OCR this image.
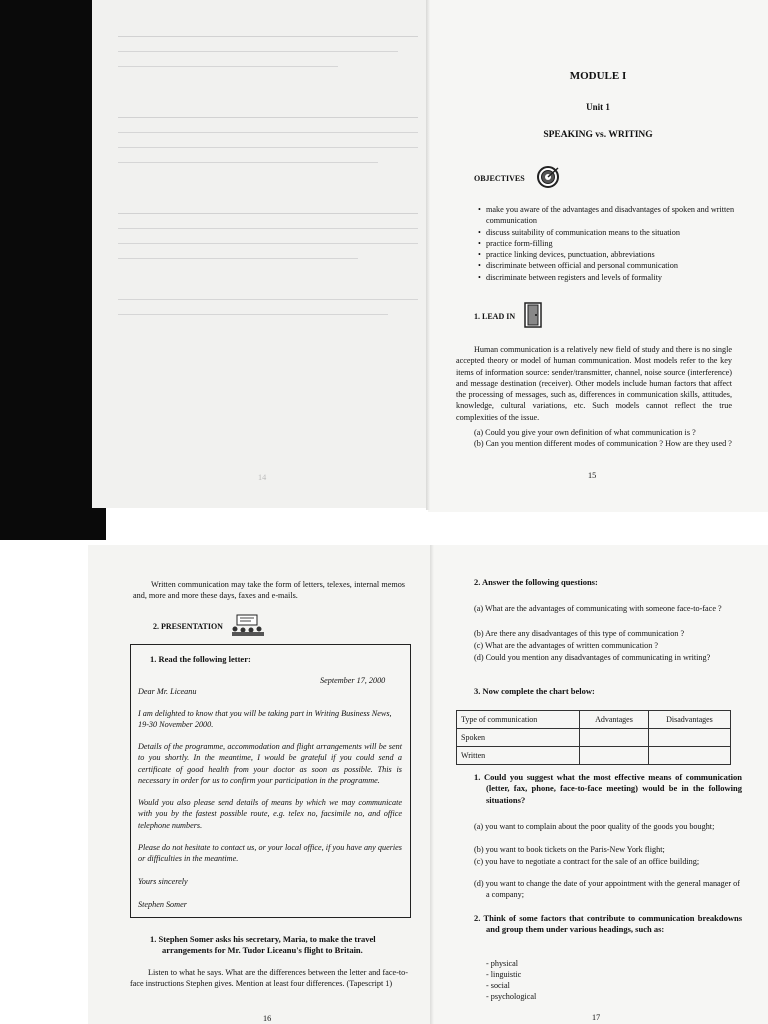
14
MODULE I
Unit 1
SPEAKING vs. WRITING
OBJECTIVES
• make you aware of the advantages and disadvantages of spoken and written communication
• discuss suitability of communication means to the situation
• practice form-filling
• practice linking devices, punctuation, abbreviations
• discriminate between official and personal communication
• discriminate between registers and levels of formality
1. LEAD IN
Human communication is a relatively new field of study and there is no single accepted theory or model of human communication. Most models refer to the key items of information source: sender/transmitter, channel, noise source (interference) and message destination (receiver). Other models include human factors that affect the processing of messages, such as, differences in communication skills, attitudes, knowledge, cultural variations, etc. Such models cannot reflect the true complexities of the issue.
(a) Could you give your own definition of what communication is ?
(b) Can you mention different modes of communication ? How are they used ?
15
Written communication may take the form of letters, telexes, internal memos and, more and more these days, faxes and e-mails.
2. PRESENTATION
1. Read the following letter:
September 17, 2000
Dear Mr. Liceanu
I am delighted to know that you will be taking part in Writing Business News, 19-30 November 2000.
Details of the programme, accommodation and flight arrangements will be sent to you shortly. In the meantime, I would be grateful if you could send a certificate of good health from your doctor as soon as possible. This is necessary in order for us to confirm your participation in the programme.
Would you also please send details of means by which we may communicate with you by the fastest possible route, e.g. telex no, facsimile no, and office telephone numbers.
Please do not hesitate to contact us, or your local office, if you have any queries or difficulties in the meantime.
Yours sincerely
Stephen Somer
1. Stephen Somer asks his secretary, Maria, to make the travel arrangements for Mr. Tudor Liceanu's flight to Britain.
Listen to what he says. What are the differences between the letter and face-to-face instructions Stephen gives. Mention at least four differences. (Tapescript 1)
16
2. Answer the following questions:
(a) What are the advantages of communicating with someone face-to-face ?
(b) Are there any disadvantages of this type of communication ?
(c) What are the advantages of written communication ?
(d) Could you mention any disadvantages of communicating in writing?
3. Now complete the chart below:
Type of communication	Advantages	Disadvantages
Spoken		
Written		
1. Could you suggest what the most effective means of communication (letter, fax, phone, face-to-face meeting) would be in the following situations?
(a) you want to complain about the poor quality of the goods you bought;
(b) you want to book tickets on the Paris-New York flight;
(c) you have to negotiate a contract for the sale of an office building;
(d) you want to change the date of your appointment with the general manager of a company;
2. Think of some factors that contribute to communication breakdowns and group them under various headings, such as:
- physical
- linguistic
- social
- psychological
17
